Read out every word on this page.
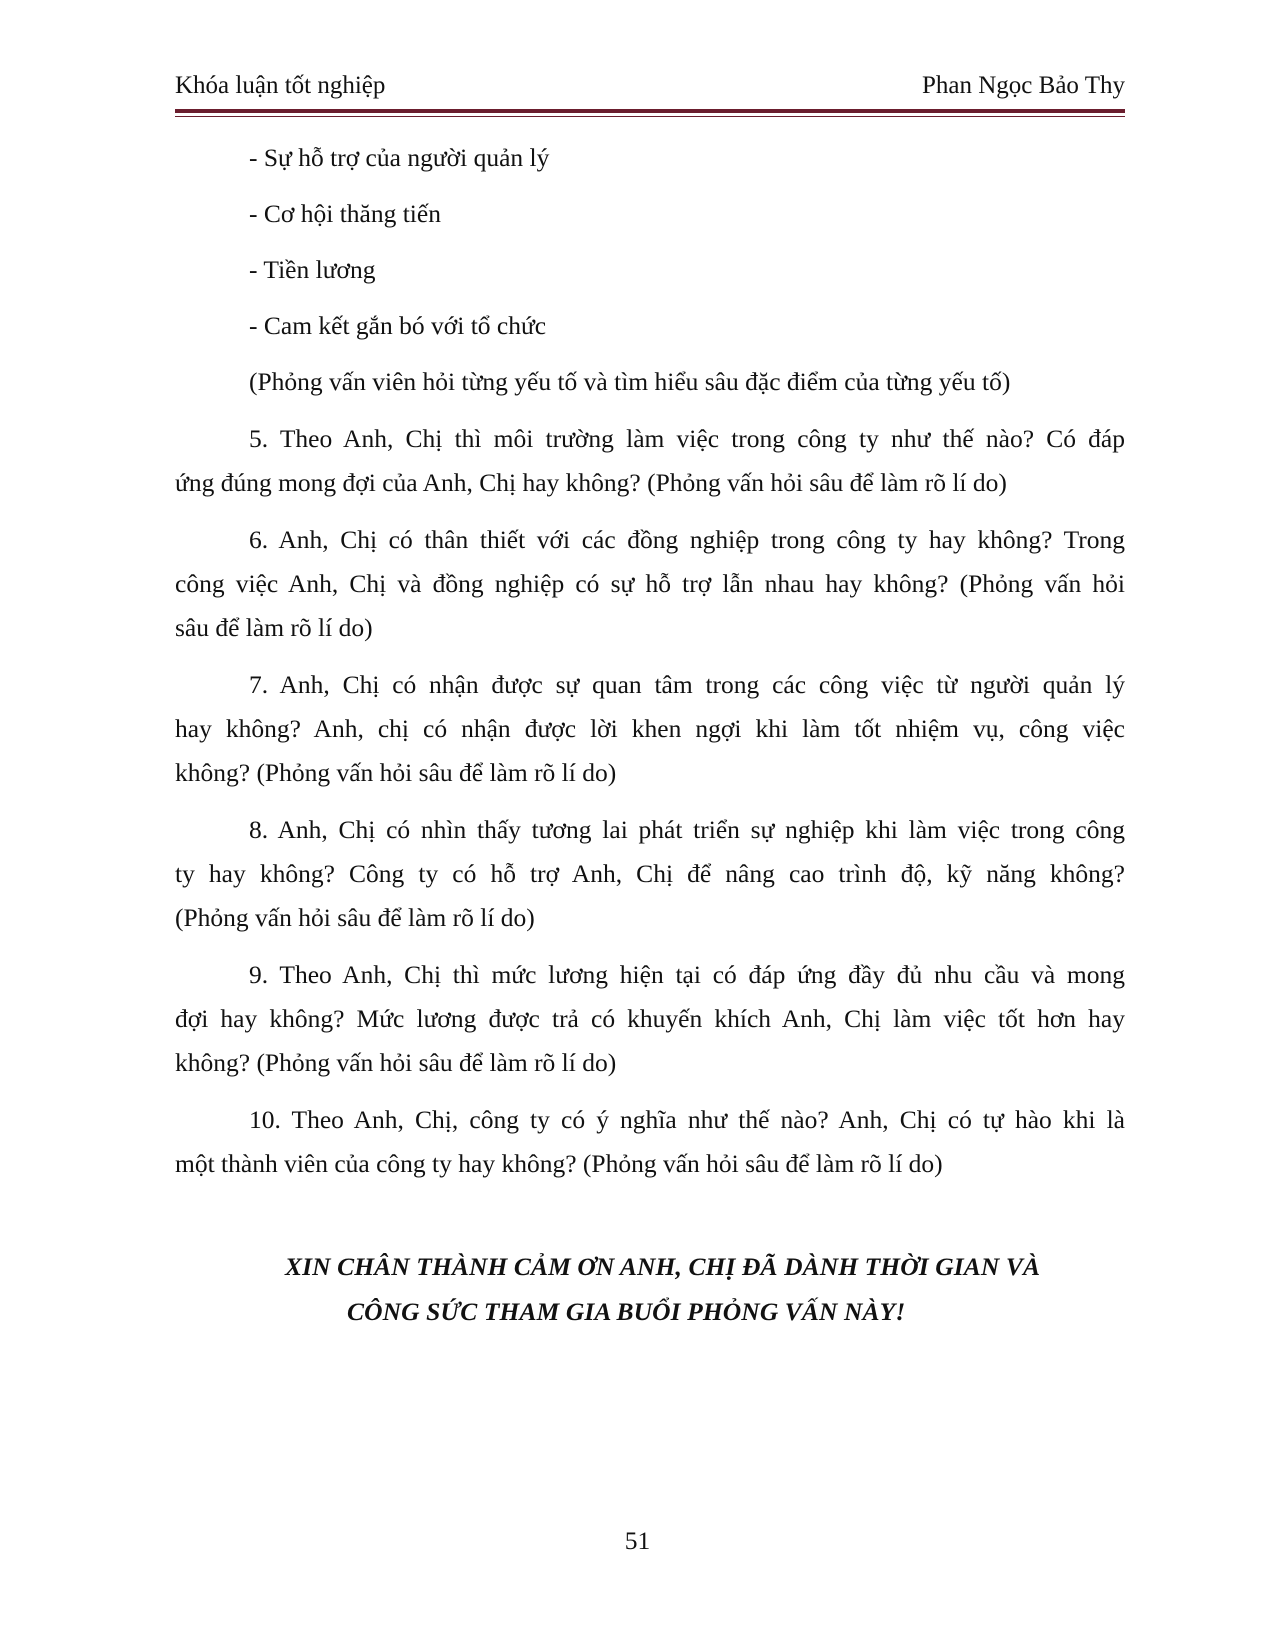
Khóa luận tốt nghiệp	Phan Ngọc Bảo Thy
- Sự hỗ trợ của người quản lý
- Cơ hội thăng tiến
- Tiền lương
- Cam kết gắn bó với tổ chức
(Phỏng vấn viên hỏi từng yếu tố và tìm hiểu sâu đặc điểm của từng yếu tố)
5. Theo Anh, Chị thì môi trường làm việc trong công ty như thế nào? Có đáp
ứng đúng mong đợi của Anh, Chị hay không? (Phỏng vấn hỏi sâu để làm rõ lí do)
6. Anh, Chị có thân thiết với các đồng nghiệp trong công ty hay không? Trong
công việc Anh, Chị và đồng nghiệp có sự hỗ trợ lẫn nhau hay không? (Phỏng vấn hỏi
sâu để làm rõ lí do)
7. Anh, Chị có nhận được sự quan tâm trong các công việc từ người quản lý
hay không? Anh, chị có nhận được lời khen ngợi khi làm tốt nhiệm vụ, công việc
không? (Phỏng vấn hỏi sâu để làm rõ lí do)
8. Anh, Chị có nhìn thấy tương lai phát triển sự nghiệp khi làm việc trong công
ty hay không? Công ty có hỗ trợ Anh, Chị để nâng cao trình độ, kỹ năng không?
(Phỏng vấn hỏi sâu để làm rõ lí do)
9. Theo Anh, Chị thì mức lương hiện tại có đáp ứng đầy đủ nhu cầu và mong
đợi hay không? Mức lương được trả có khuyến khích Anh, Chị làm việc tốt hơn hay
không? (Phỏng vấn hỏi sâu để làm rõ lí do)
10. Theo Anh, Chị, công ty có ý nghĩa như thế nào? Anh, Chị có tự hào khi là
một thành viên của công ty hay không? (Phỏng vấn hỏi sâu để làm rõ lí do)
XIN CHÂN THÀNH CẢM ƠN ANH, CHỊ ĐÃ DÀNH THỜI GIAN VÀ
CÔNG SỨC THAM GIA BUỔI PHỎNG VẤN NÀY!
51
